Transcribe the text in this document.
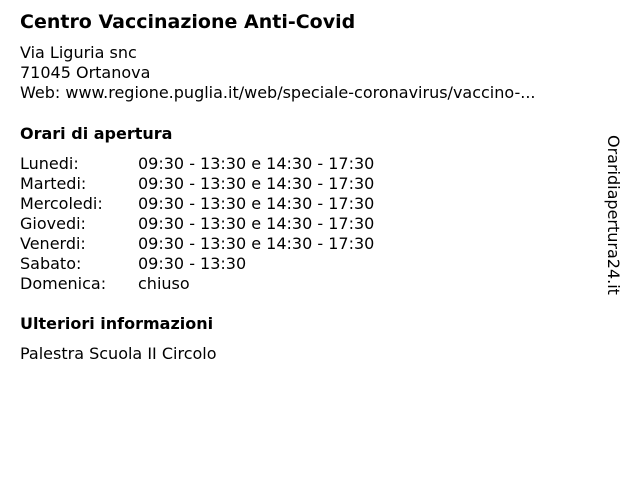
Centro Vaccinazione Anti-Covid
Via Liguria snc
71045 Ortanova
Web: www.regione.puglia.it/web/speciale-coronavirus/vaccino-...
Orari di apertura
Lunedi:	09:30 - 13:30 e 14:30 - 17:30
Martedi:	09:30 - 13:30 e 14:30 - 17:30
Mercoledi:	09:30 - 13:30 e 14:30 - 17:30
Giovedi:	09:30 - 13:30 e 14:30 - 17:30
Venerdi:	09:30 - 13:30 e 14:30 - 17:30
Sabato:	09:30 - 13:30
Domenica:	chiuso
Ulteriori informazioni
Palestra Scuola II Circolo
Oraridiapertura24.it
